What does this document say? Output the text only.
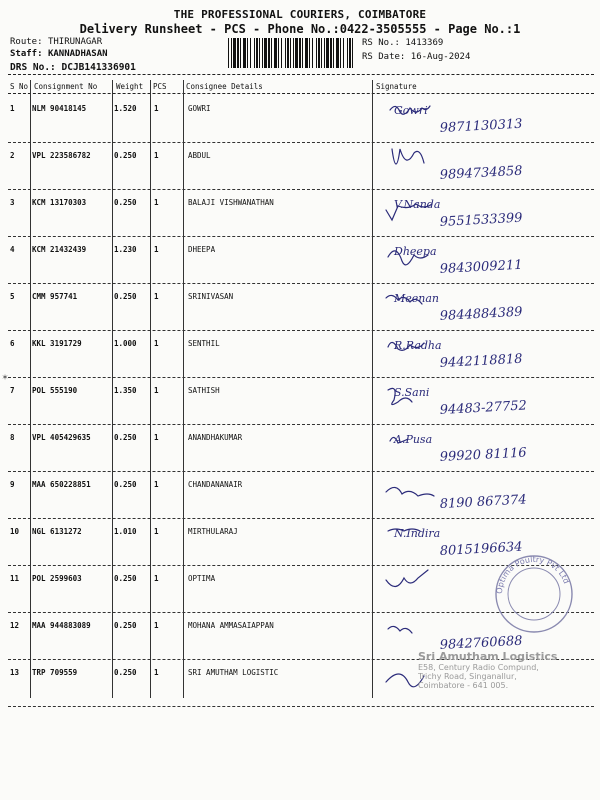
THE PROFESSIONAL COURIERS, COIMBATORE
Delivery Runsheet - PCS - Phone No.:0422-3505555 - Page No.:1
Route: THIRUNAGAR
Staff: KANNADHASAN
DRS No.: DCJB141336901
RS No.: 1413369
RS Date: 16-Aug-2024
S No Consignment No	Weight PCS	Consignee Details	Signature
✶
1 NLM 90418145	1.520 1	GOWRI	Gowri
9871130313
2 VPL 223586782	0.250 1	ABDUL
9894734858
3 KCM 13170303	0.250 1	BALAJI VISHWANATHAN	V.Nanda
9551533399
4 KCM 21432439	1.230 1	DHEEPA	Dheepa
9843009211
5 CMM 957741	0.250 1	SRINIVASAN	Meenan
9844884389
6 KKL 3191729	1.000 1	SENTHIL	R.Radha
9442118818
7 POL 555190	1.350 1	SATHISH	S.Sani
94483-27752
8 VPL 405429635	0.250 1	ANANDHAKUMAR	A.Pusa
99920 81116
9 MAA 650228851	0.250 1	CHANDANANAIR
8190 867374
10 NGL 6131272	1.010 1	MIRTHULARAJ	N.Indira
8015196634
11 POL 2599603	0.250 1	OPTIMA
12 MAA 944883089	0.250 1	MOHANA AMMASAIAPPAN
9842760688
13 TRP 709559	0.250 1	SRI AMUTHAM LOGISTIC
Optima Poultry Pvt Ltd
Sri Amutham Logistics
E58, Century Radio Compund,
Trichy Road, Singanallur,
Coimbatore - 641 005.
